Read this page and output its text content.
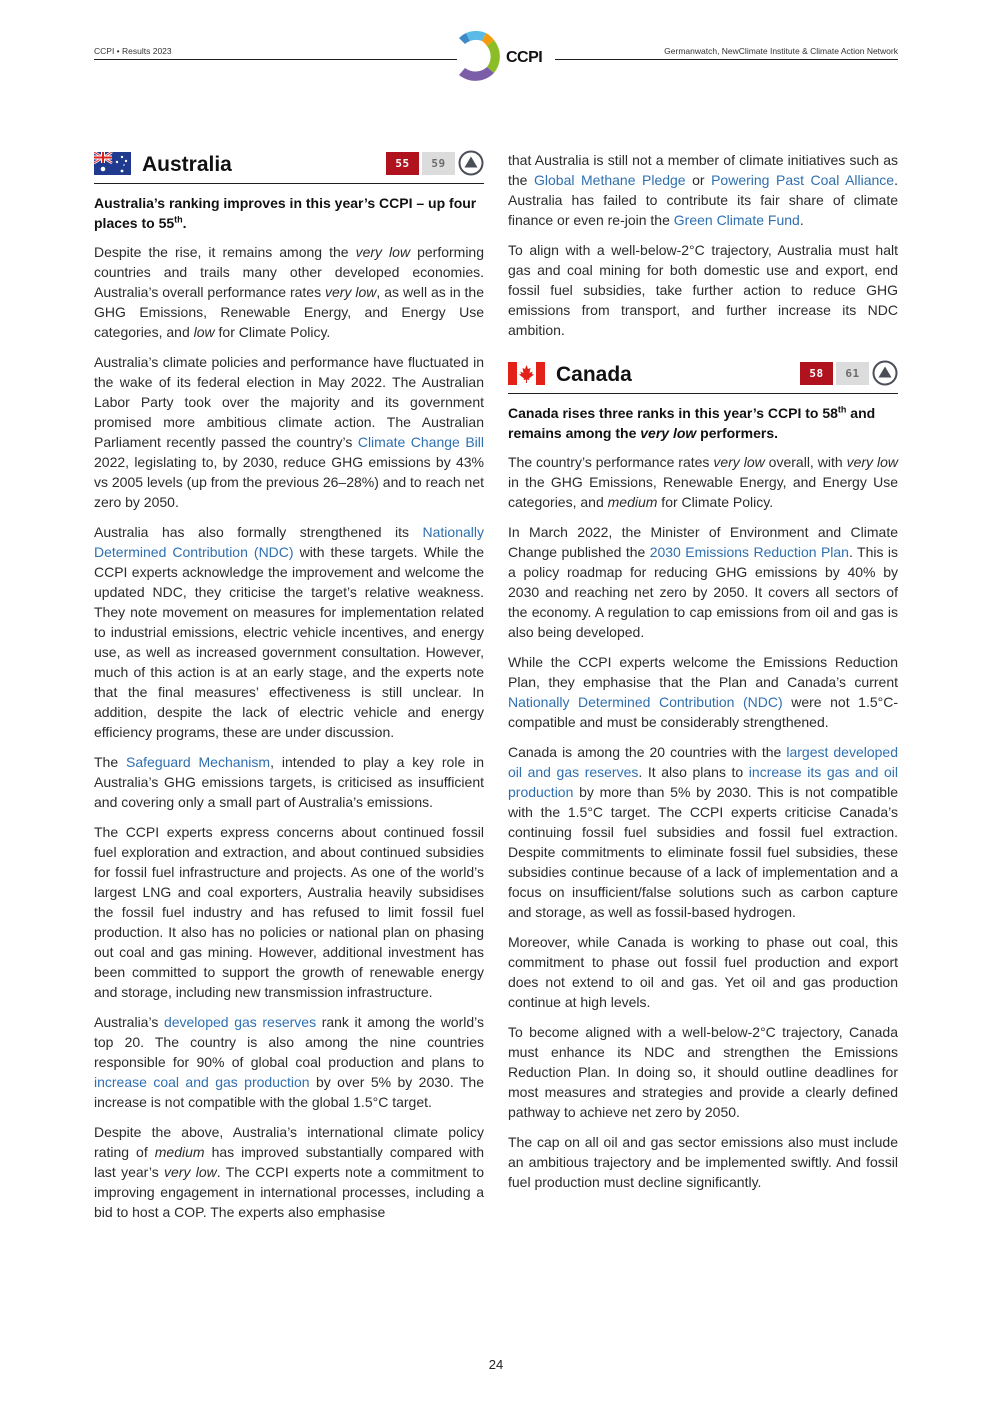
CCPI • Results 2023	CCPI	Germanwatch, NewClimate Institute & Climate Action Network
Australia	55	59
Australia’s ranking improves in this year’s CCPI – up four places to 55th.

Despite the rise, it remains among the very low performing countries and trails many other developed economies. Australia’s overall performance rates very low, as well as in the GHG Emissions, Renewable Energy, and Energy Use categories, and low for Climate Policy.

Australia’s climate policies and performance have fluctuated in the wake of its federal election in May 2022. The Australian Labor Party took over the majority and its government promised more ambitious climate action. The Australian Parliament recently passed the country’s Climate Change Bill 2022, legislating to, by 2030, reduce GHG emissions by 43% vs 2005 levels (up from the previous 26–28%) and to reach net zero by 2050.

Australia has also formally strengthened its Nationally Determined Contribution (NDC) with these targets. While the CCPI experts acknowledge the improvement and welcome the updated NDC, they criticise the target’s relative weakness. They note movement on measures for implementation related to industrial emissions, electric vehicle incentives, and energy use, as well as increased government consultation. However, much of this action is at an early stage, and the experts note that the final measures’ effectiveness is still unclear. In addition, despite the lack of electric vehicle and energy efficiency programs, these are under discussion.

The Safeguard Mechanism, intended to play a key role in Australia’s GHG emissions targets, is criticised as insufficient and covering only a small part of Australia’s emissions.

The CCPI experts express concerns about continued fossil fuel exploration and extraction, and about continued subsidies for fossil fuel infrastructure and projects. As one of the world’s largest LNG and coal exporters, Australia heavily subsidises the fossil fuel industry and has refused to limit fossil fuel production. It also has no policies or national plan on phasing out coal and gas mining. However, additional investment has been committed to support the growth of renewable energy and storage, including new transmission infrastructure.

Australia’s developed gas reserves rank it among the world’s top 20. The country is also among the nine countries responsible for 90% of global coal production and plans to increase coal and gas production by over 5% by 2030. The increase is not compatible with the global 1.5°C target.

Despite the above, Australia’s international climate policy rating of medium has improved substantially compared with last year’s very low. The CCPI experts note a commitment to improving engagement in international processes, including a bid to host a COP. The experts also emphasise

that Australia is still not a member of climate initiatives such as the Global Methane Pledge or Powering Past Coal Alliance. Australia has failed to contribute its fair share of climate finance or even re-join the Green Climate Fund.

To align with a well-below-2°C trajectory, Australia must halt gas and coal mining for both domestic use and export, end fossil fuel subsidies, take further action to reduce GHG emissions from transport, and further increase its NDC ambition.

Canada	58	61
Canada rises three ranks in this year’s CCPI to 58th and remains among the very low performers.

The country’s performance rates very low overall, with very low in the GHG Emissions, Renewable Energy, and Energy Use categories, and medium for Climate Policy.

In March 2022, the Minister of Environment and Climate Change published the 2030 Emissions Reduction Plan. This is a policy roadmap for reducing GHG emissions by 40% by 2030 and reaching net zero by 2050. It covers all sectors of the economy. A regulation to cap emissions from oil and gas is also being developed.

While the CCPI experts welcome the Emissions Reduction Plan, they emphasise that the Plan and Canada’s current Nationally Determined Contribution (NDC) were not 1.5°C-compatible and must be considerably strengthened.

Canada is among the 20 countries with the largest developed oil and gas reserves. It also plans to increase its gas and oil production by more than 5% by 2030. This is not compatible with the 1.5°C target. The CCPI experts criticise Canada’s continuing fossil fuel subsidies and fossil fuel extraction. Despite commitments to eliminate fossil fuel subsidies, these subsidies continue because of a lack of implementation and a focus on insufficient/false solutions such as carbon capture and storage, as well as fossil-based hydrogen.

Moreover, while Canada is working to phase out coal, this commitment to phase out fossil fuel production and export does not extend to oil and gas. Yet oil and gas production continue at high levels.

To become aligned with a well-below-2°C trajectory, Canada must enhance its NDC and strengthen the Emissions Reduction Plan. In doing so, it should outline deadlines for most measures and strategies and provide a clearly defined pathway to achieve net zero by 2050.

The cap on all oil and gas sector emissions also must include an ambitious trajectory and be implemented swiftly. And fossil fuel production must decline significantly.

24
